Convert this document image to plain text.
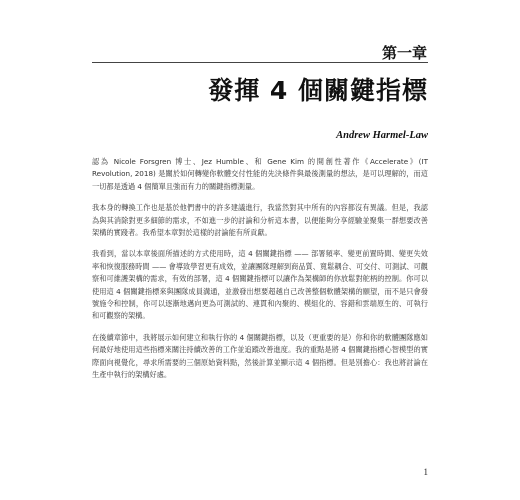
第一章
發揮 4 個關鍵指標
Andrew Harmel-Law

認為 Nicole Forsgren 博士、Jez Humble、和 Gene Kim 的開創性著作《Accelerate》(IT Revolution, 2018) 是關於如何轉變你軟體交付性能的先決條件與最後測量的想法，是可以理解的，而這一切都是透過 4 個簡單且強而有力的關鍵指標測量。

我本身的轉換工作也是基於他們書中的許多建議進行，我當然對其中所有的內容都沒有異議。但是，我認為與其消除對更多細節的需求，不如進一步的討論和分析這本書，以便能夠分享經驗並聚集一群想要改善架構的實踐者。我希望本章對於這樣的討論能有所貢獻。

我看到，當以本章後面所描述的方式使用時，這 4 個關鍵指標 —— 部署頻率、變更前置時間、變更失效率和恢復服務時間 —— 會導致學習更有成效，並讓團隊理解到商品質、寬鬆耦合、可交付、可測試、可觀察和可維護架構的需求，有效的部署，這 4 個關鍵指標可以讓作為架構師的你放鬆對舵柄的控制。你可以使用這 4 個關鍵指標來與團隊成員溝通，並激發出想要超越自己改善整個軟體架構的願望，而不是只會發號施令和控制，你可以逐漸地邁向更為可測試的、連貫和內聚的、模組化的、容錯和雲端原生的、可執行和可觀察的架構。

在後續章節中，我將展示如何建立和執行你的 4 個關鍵指標，以及（更重要的是）你和你的軟體團隊應如何最好地使用這些指標來關注持續改善的工作並追蹤改善進度。我的重點是將 4 個關鍵指標心智模型的實際面向視覺化，尋求所需要的三個原始資料點，然後計算並顯示這 4 個指標。但是別擔心：我也將討論在生產中執行的架構好處。

1
